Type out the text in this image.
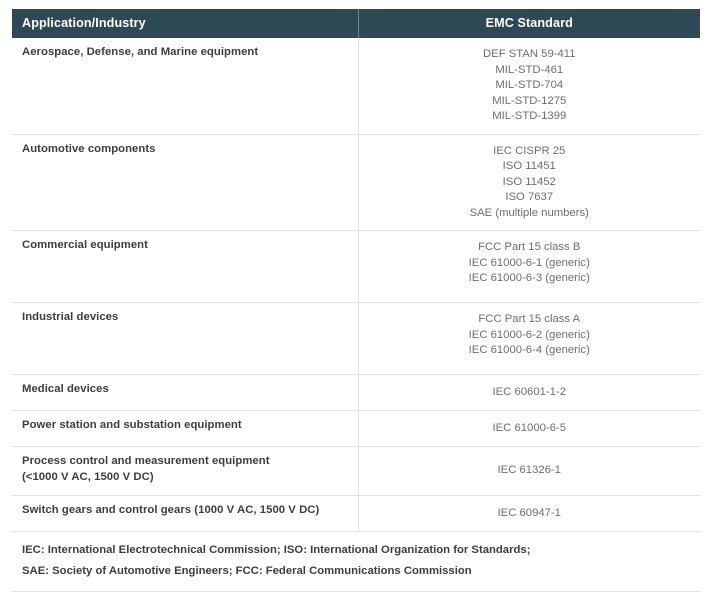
Application/Industry	EMC Standard
Aerospace, Defense, and Marine equipment	DEF STAN 59-411
MIL-STD-461
MIL-STD-704
MIL-STD-1275
MIL-STD-1399

Automotive components	IEC CISPR 25
ISO 11451
ISO 11452
ISO 7637
SAE (multiple numbers)

Commercial equipment	FCC Part 15 class B
IEC 61000-6-1 (generic)
IEC 61000-6-3 (generic)

Industrial devices	FCC Part 15 class A
IEC 61000-6-2 (generic)
IEC 61000-6-4 (generic)

Medical devices	IEC 60601-1-2

Power station and substation equipment	IEC 61000-6-5

Process control and measurement equipment
(<1000 V AC, 1500 V DC)	IEC 61326-1

Switch gears and control gears (1000 V AC, 1500 V DC)	IEC 60947-1

IEC: International Electrotechnical Commission; ISO: International Organization for Standards;
SAE: Society of Automotive Engineers; FCC: Federal Communications Commission	
